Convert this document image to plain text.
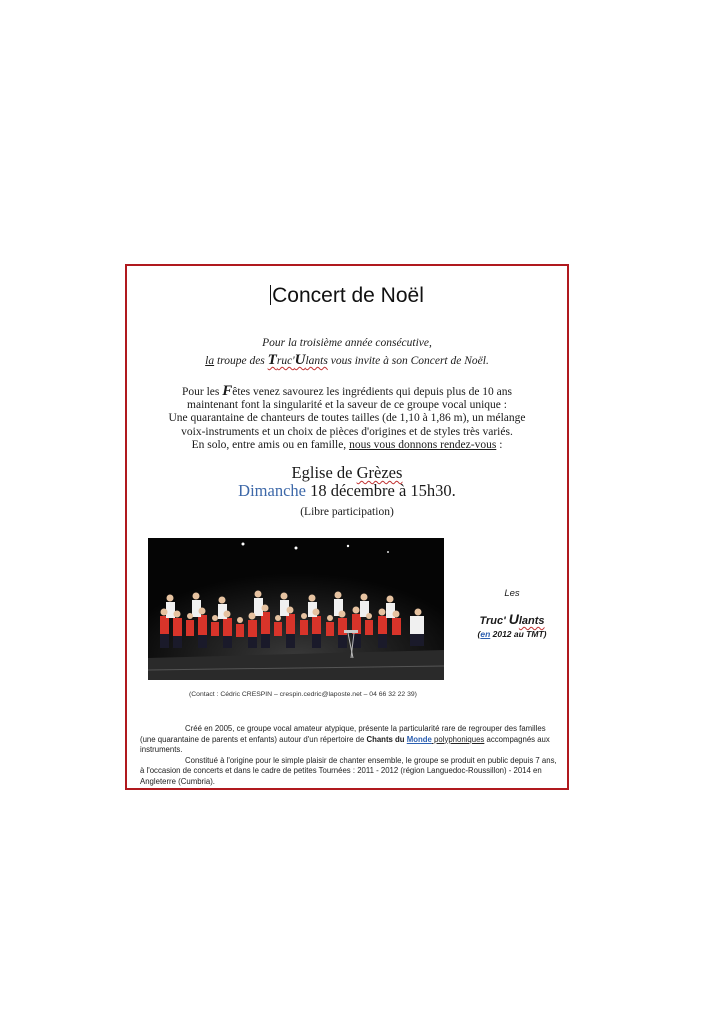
Concert de Noël
Pour la troisième année consécutive,
la troupe des Truc'Ulants vous invite à son Concert de Noël.
Pour les Fêtes venez savourez les ingrédients qui depuis plus de 10 ans
maintenant font la singularité et la saveur de ce groupe vocal unique :
Une quarantaine de chanteurs de toutes tailles (de 1,10 à 1,86 m), un mélange
voix-instruments et un choix de pièces d'origines et de styles très variés.
En solo, entre amis ou en famille, nous vous donnons rendez-vous :
Eglise de Grèzes
Dimanche 18 décembre à 15h30.
(Libre participation)
Les
Truc' Ulants
(en 2012 au TMT)
(Contact : Cédric CRESPIN – crespin.cedric@laposte.net – 04 66 32 22 39)

Créé en 2005, ce groupe vocal amateur atypique, présente la particularité rare de regrouper des familles (une quarantaine de parents et enfants) autour d'un répertoire de Chants du Monde polyphoniques accompagnés aux instruments.

Constitué à l'origine pour le simple plaisir de chanter ensemble, le groupe se produit en public depuis 7 ans, à l'occasion de concerts et dans le cadre de petites Tournées : 2011 - 2012 (région Languedoc-Roussillon) - 2014 en Angleterre (Cumbria).
